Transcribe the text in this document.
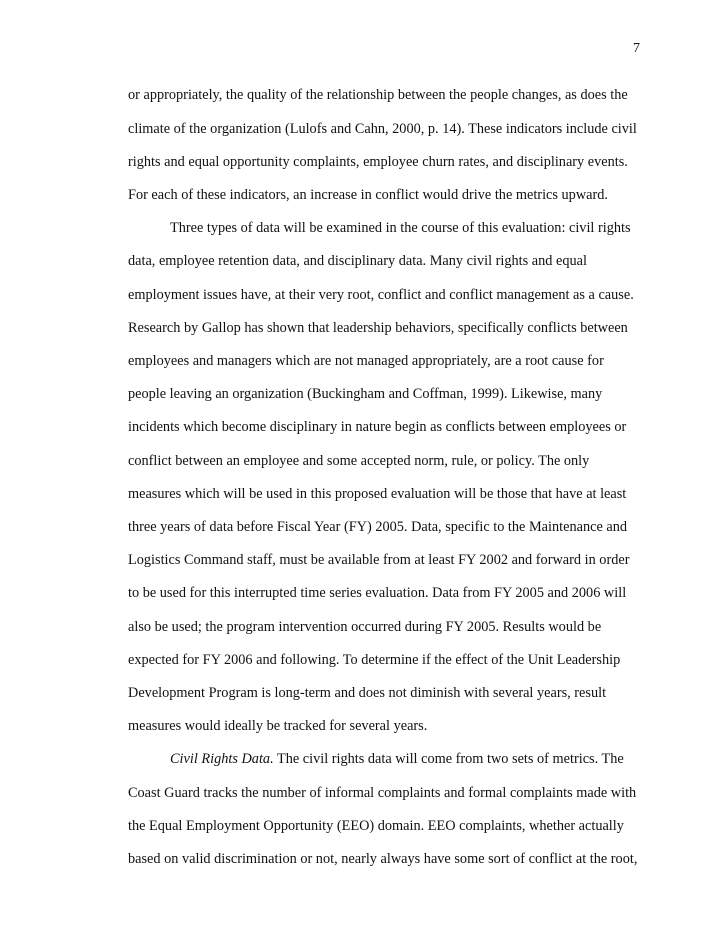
7
or appropriately, the quality of the relationship between the people changes, as does the
climate of the organization (Lulofs and Cahn, 2000, p. 14). These indicators include civil
rights and equal opportunity complaints, employee churn rates, and disciplinary events.
For each of these indicators, an increase in conflict would drive the metrics upward.
Three types of data will be examined in the course of this evaluation: civil rights
data, employee retention data, and disciplinary data. Many civil rights and equal
employment issues have, at their very root, conflict and conflict management as a cause.
Research by Gallop has shown that leadership behaviors, specifically conflicts between
employees and managers which are not managed appropriately, are a root cause for
people leaving an organization (Buckingham and Coffman, 1999). Likewise, many
incidents which become disciplinary in nature begin as conflicts between employees or
conflict between an employee and some accepted norm, rule, or policy. The only
measures which will be used in this proposed evaluation will be those that have at least
three years of data before Fiscal Year (FY) 2005. Data, specific to the Maintenance and
Logistics Command staff, must be available from at least FY 2002 and forward in order
to be used for this interrupted time series evaluation. Data from FY 2005 and 2006 will
also be used; the program intervention occurred during FY 2005. Results would be
expected for FY 2006 and following. To determine if the effect of the Unit Leadership
Development Program is long-term and does not diminish with several years, result
measures would ideally be tracked for several years.
Civil Rights Data. The civil rights data will come from two sets of metrics. The
Coast Guard tracks the number of informal complaints and formal complaints made with
the Equal Employment Opportunity (EEO) domain. EEO complaints, whether actually
based on valid discrimination or not, nearly always have some sort of conflict at the root,
